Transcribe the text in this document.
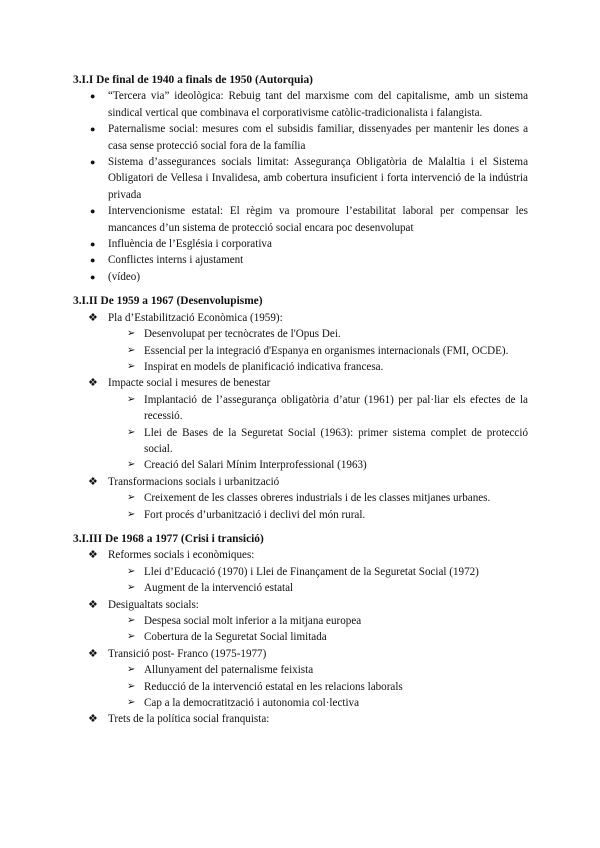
3.I.I De final de 1940 a finals de 1950 (Autorquia)
● “Tercera via” ideològica: Rebuig tant del marxisme com del capitalisme, amb un sistema sindical vertical que combinava el corporativisme catòlic-tradicionalista i falangista.
● Paternalisme social: mesures com el subsidis familiar, dissenyades per mantenir les dones a casa sense protecció social fora de la família
● Sistema d’assegurances socials limitat: Assegurança Obligatòria de Malaltia i el Sistema Obligatori de Vellesa i Invalidesa, amb cobertura insuficient i forta intervenció de la indústria privada
● Intervencionisme estatal: El règim va promoure l’estabilitat laboral per compensar les mancances d’un sistema de protecció social encara poc desenvolupat
● Influència de l’Església i corporativa
● Conflictes interns i ajustament
● (vídeo)
3.I.II De 1959 a 1967 (Desenvolupisme)
❖ Pla d’Estabilització Econòmica (1959):
➢ Desenvolupat per tecnòcrates de l'Opus Dei.
➢ Essencial per la integració d'Espanya en organismes internacionals (FMI, OCDE).
➢ Inspirat en models de planificació indicativa francesa.
❖ Impacte social i mesures de benestar
➢ Implantació de l’assegurança obligatòria d’atur (1961) per pal·liar els efectes de la recessió.
➢ Llei de Bases de la Seguretat Social (1963): primer sistema complet de protecció social.
➢ Creació del Salari Mínim Interprofessional (1963)
❖ Transformacions socials i urbanització
➢ Creixement de les classes obreres industrials i de les classes mitjanes urbanes.
➢ Fort procés d’urbanització i declivi del món rural.
3.I.III De 1968 a 1977 (Crisi i transició)
❖ Reformes socials i econòmiques:
➢ Llei d’Educació (1970) i Llei de Finançament de la Seguretat Social (1972)
➢ Augment de la intervenció estatal
❖ Desigualtats socials:
➢ Despesa social molt inferior a la mitjana europea
➢ Cobertura de la Seguretat Social limitada
❖ Transició post- Franco (1975-1977)
➢ Allunyament del paternalisme feixista
➢ Reducció de la intervenció estatal en les relacions laborals
➢ Cap a la democratització i autonomia col·lectiva
❖ Trets de la política social franquista:
